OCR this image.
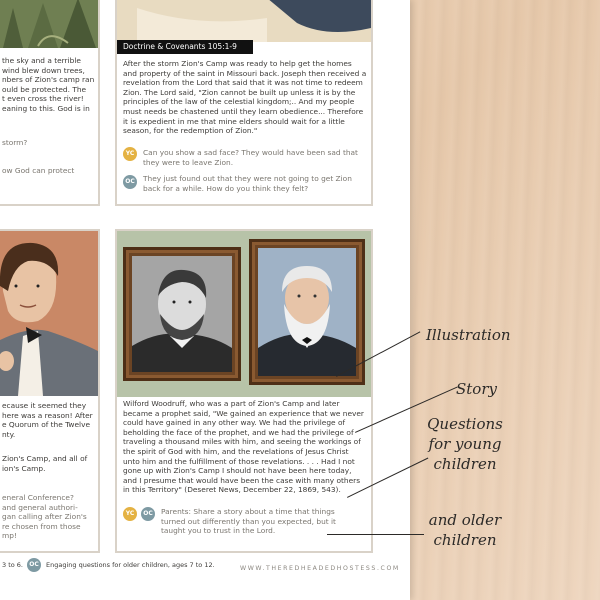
the sky and a terrible
wind blew down trees,
nbers of Zion's camp ran
ould be protected. The
t even cross the river!
eaning to this. God is in
storm?
ow God can protect
Doctrine & Covenants 105:1-9
After the storm Zion's Camp was ready to help get the homes and property of the saint in Missouri back. Joseph then received a revelation from the Lord that said that it was not time to redeem Zion. The Lord said, "Zion cannot be built up unless it is by the principles of the law of the celestial kingdom;.. And my people must needs be chastened until they learn obedience... Therefore it is expedient in me that mine elders should wait for a little season, for the redemption of Zion."
YC	Can you show a sad face? They would have been sad that they were to leave Zion.
OC	They just found out that they were not going to get Zion back for a while. How do you think they felt?
ecause it seemed they
here was a reason! After
e Quorum of the Twelve
nty.
Zion's Camp, and all of
ion's Camp.
eneral Conference?
and general authori-
gan calling after Zion's
re chosen from those
mp!
Wilford Woodruff, who was a part of Zion's Camp and later became a prophet said, "We gained an experience that we never could have gained in any other way. We had the privilege of beholding the face of the prophet, and we had the privilege of traveling a thousand miles with him, and seeing the workings of the spirit of God with him, and the revelations of Jesus Christ unto him and the fulfillment of those revelations. . . . Had I not gone up with Zion's Camp I should not have been here today, and I presume that would have been the case with many others in this Territory" (Deseret News, December 22, 1869, 543).
YC	OC	Parents: Share a story about a time that things turned out differently than you expected, but it taught you to trust in the Lord.
3 to 6.	OC	Engaging questions for older children, ages 7 to 12.	WWW.THEREDHEADEDHOSTESS.COM
Illustration
Story
Questions
for young
children
and older
children
